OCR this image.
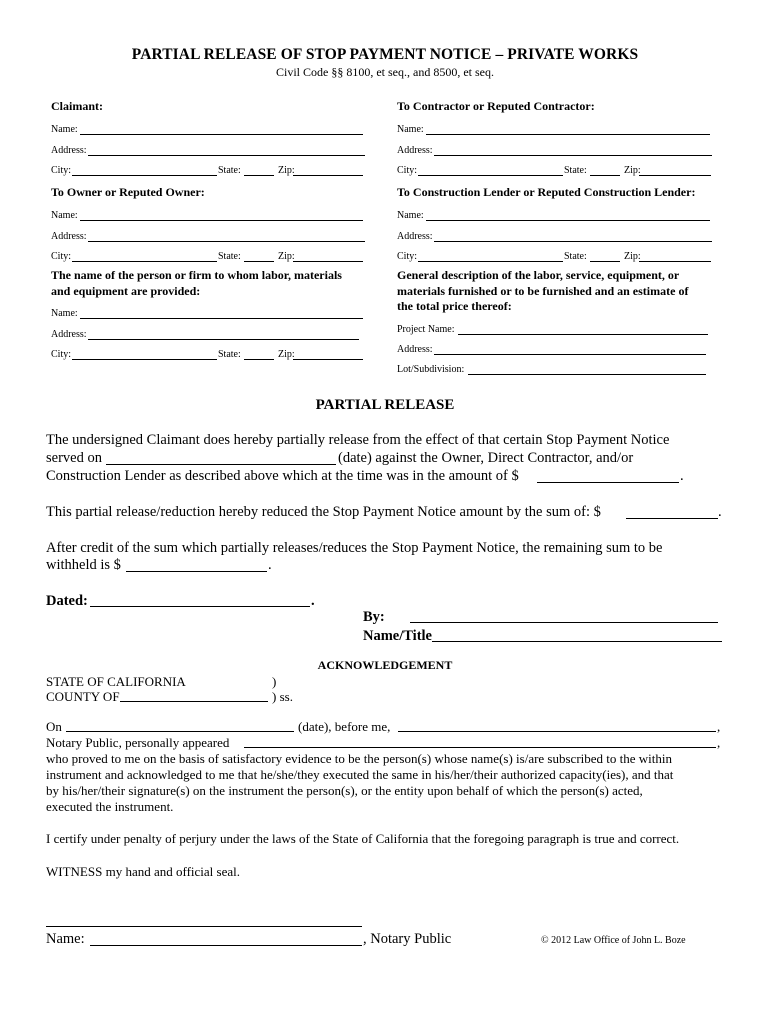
PARTIAL RELEASE OF STOP PAYMENT NOTICE – PRIVATE WORKS
Civil Code §§ 8100, et seq., and 8500, et seq.
Claimant:
Name:
Address:
City:	State:	Zip:
To Contractor or Reputed Contractor:
Name:
Address:
City:	State:	Zip:
To Owner or Reputed Owner:
Name:
Address:
City:	State:	Zip:
To Construction Lender or Reputed Construction Lender:
Name:
Address:
City:	State:	Zip:
The name of the person or firm to whom labor, materials
and equipment are provided:
Name:
Address:
City:	State:	Zip:
General description of the labor, service, equipment, or
materials furnished or to be furnished and an estimate of
the total price thereof:
Project Name:
Address:
Lot/Subdivision:
PARTIAL RELEASE
The undersigned Claimant does hereby partially release from the effect of that certain Stop Payment Notice
served on	(date) against the Owner, Direct Contractor, and/or
Construction Lender as described above which at the time was in the amount of $	.
This partial release/reduction hereby reduced the Stop Payment Notice amount by the sum of: $	.
After credit of the sum which partially releases/reduces the Stop Payment Notice, the remaining sum to be
withheld is $	.
Dated:	.
By:
Name/Title
ACKNOWLEDGEMENT
STATE OF CALIFORNIA	)
COUNTY OF	) ss.
On	(date), before me,	,
Notary Public, personally appeared	,
who proved to me on the basis of satisfactory evidence to be the person(s) whose name(s) is/are subscribed to the within
instrument and acknowledged to me that he/she/they executed the same in his/her/their authorized capacity(ies), and that
by his/her/their signature(s) on the instrument the person(s), or the entity upon behalf of which the person(s) acted,
executed the instrument.
I certify under penalty of perjury under the laws of the State of California that the foregoing paragraph is true and correct.
WITNESS my hand and official seal.
Name:	, Notary Public	© 2012 Law Office of John L. Boze
